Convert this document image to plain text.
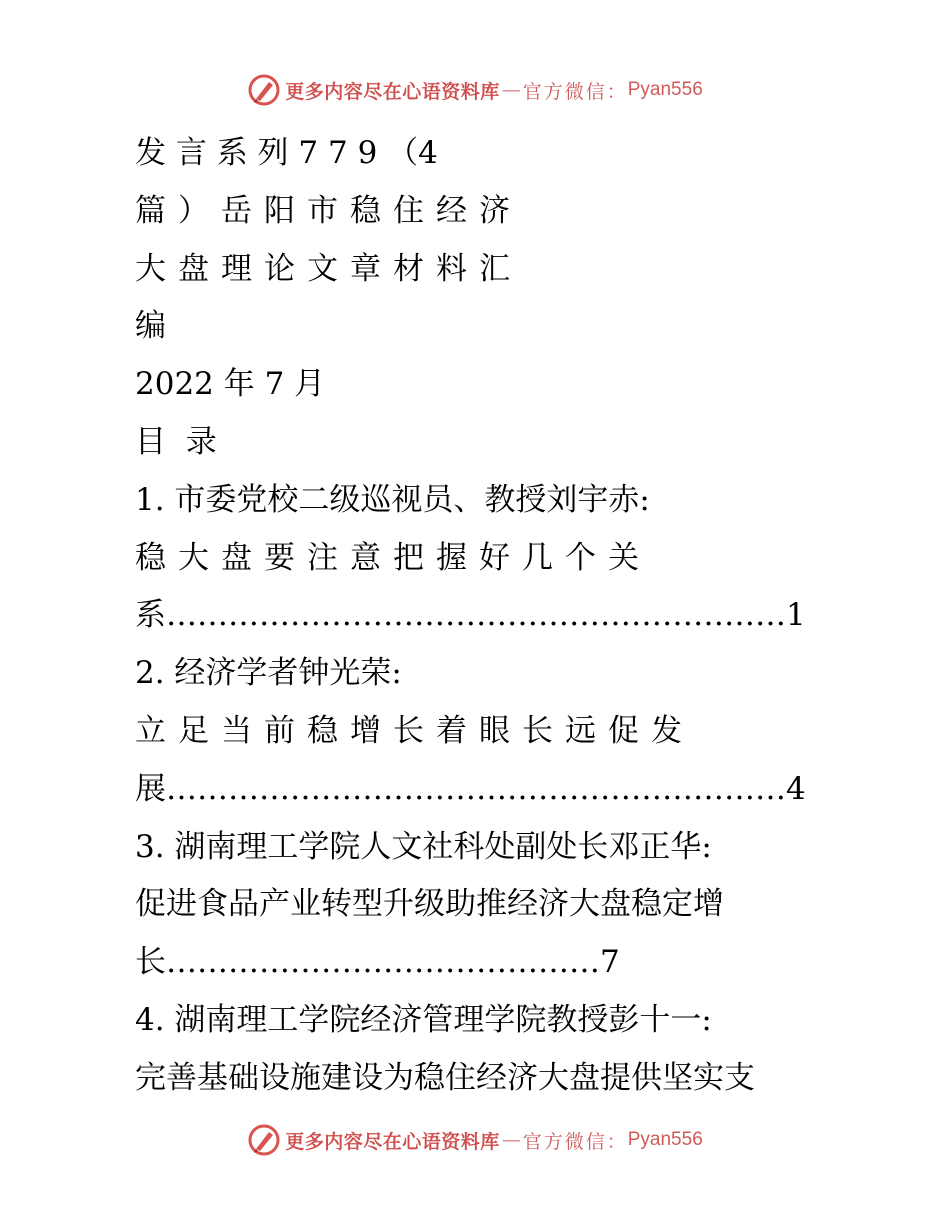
更多内容尽在心语资料库 — 官方微信： Pyan556
发 言 系 列 7 7 9 （4
篇）岳阳市稳住经济
大盘理论文章材料汇
编
2022 年 7 月
目  录
1. 市委党校二级巡视员、教授刘宇赤:
稳大盘要注意把握好几个关
系……………………………………………………1
2. 经济学者钟光荣:
立足当前稳增长着眼长远促发
展……………………………………………………4
3. 湖南理工学院人文社科处副处长邓正华:
促进食品产业转型升级助推经济大盘稳定增
长……………………………………7
4. 湖南理工学院经济管理学院教授彭十一:
完善基础设施建设为稳住经济大盘提供坚实支
更多内容尽在心语资料库 — 官方微信： Pyan556
